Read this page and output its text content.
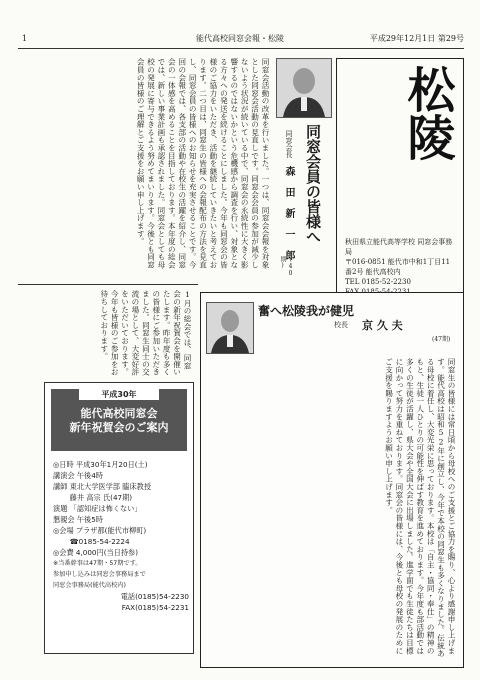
1	能代高校同窓会報・松陵	平成29年12月1日 第29号
松陵
秋田県立能代高等学校 同窓会事務局
〒016-0851 能代市中和1丁目11番2号 能代高校内
TEL 0185-52-2230
同窓会員の皆様へ
同窓会長
森 田 新 一 郎
(40期)
同窓会活動の改革を行いました。一つは、同窓会会報を対象とした同窓会活動の見直しです。同窓会会員の参加が減少しないよう状況が続いている中で、同窓会の永続性に大きく影響するのではないかという危機感から調査を行い、対象となる方々への発送を続けることにしました。今年も同窓会の皆様のご協力をいただき、活動を継続していきたいと考えております。二つ目は、同窓生の皆様への会報配布の方法を見直し、同窓会員の皆様へのお知らせを充実させることです。今回の会報では、各支部の活動や在校生の活躍を紹介し、同窓会の一体感を高めることを目指しております。本年度の総会では、新しい事業計画も承認されました。同窓会としても母校の発展に寄与できるよう努めてまいります。今後とも同窓会員の皆様のご理解とご支援をお願い申し上げます。
1月の総会では、同窓会の新年祝賀会を開催いたします。昨年度も多くの皆様にご参加いただきました。同窓生同士の交流の場として、大変好評をいただいております。今年も皆様のご参加をお待ちしております。	奮へ松陵我が健児
校長 京 久 夫
(47期)
同窓生の皆様には常日頃から母校へのご支援とご協力を賜り、心より感謝申し上げます。能代高校は昭和52年に創立し、今年で本校の同窓生も多くなりました。伝統ある母校に着任し、大変光栄に思っております。本校は「自主・協同・奉仕」の精神のもと、生徒一人ひとりの可能性を伸ばす教育を進めております。今年度も部活動では多くの生徒が活躍し、県大会や全国大会に出場しました。進学面でも生徒たちは目標に向かって努力を重ねております。同窓会の皆様には、今後とも母校の発展のためにご支援を賜りますようお願い申し上げます。
平成30年
能代高校同窓会
新年祝賀会のご案内
◎日時 平成30年1月20日(土)
講演会 午後4時
講師 東北大学医学部 臨床教授
　　 藤井 高宗 氏(47期)
演題 「認知症は怖くない」
懇親会 午後5時
◎会場 プラザ都(能代市柳町)
　　 ☎0185-54-2224
◎会費 4,000円(当日持参)
※当番幹事は47期・57期です。
参加申し込みは同窓会事務局まで
同窓会事務局(能代高校内)
電話(0185)54-2230
FAX(0185)54-2231
